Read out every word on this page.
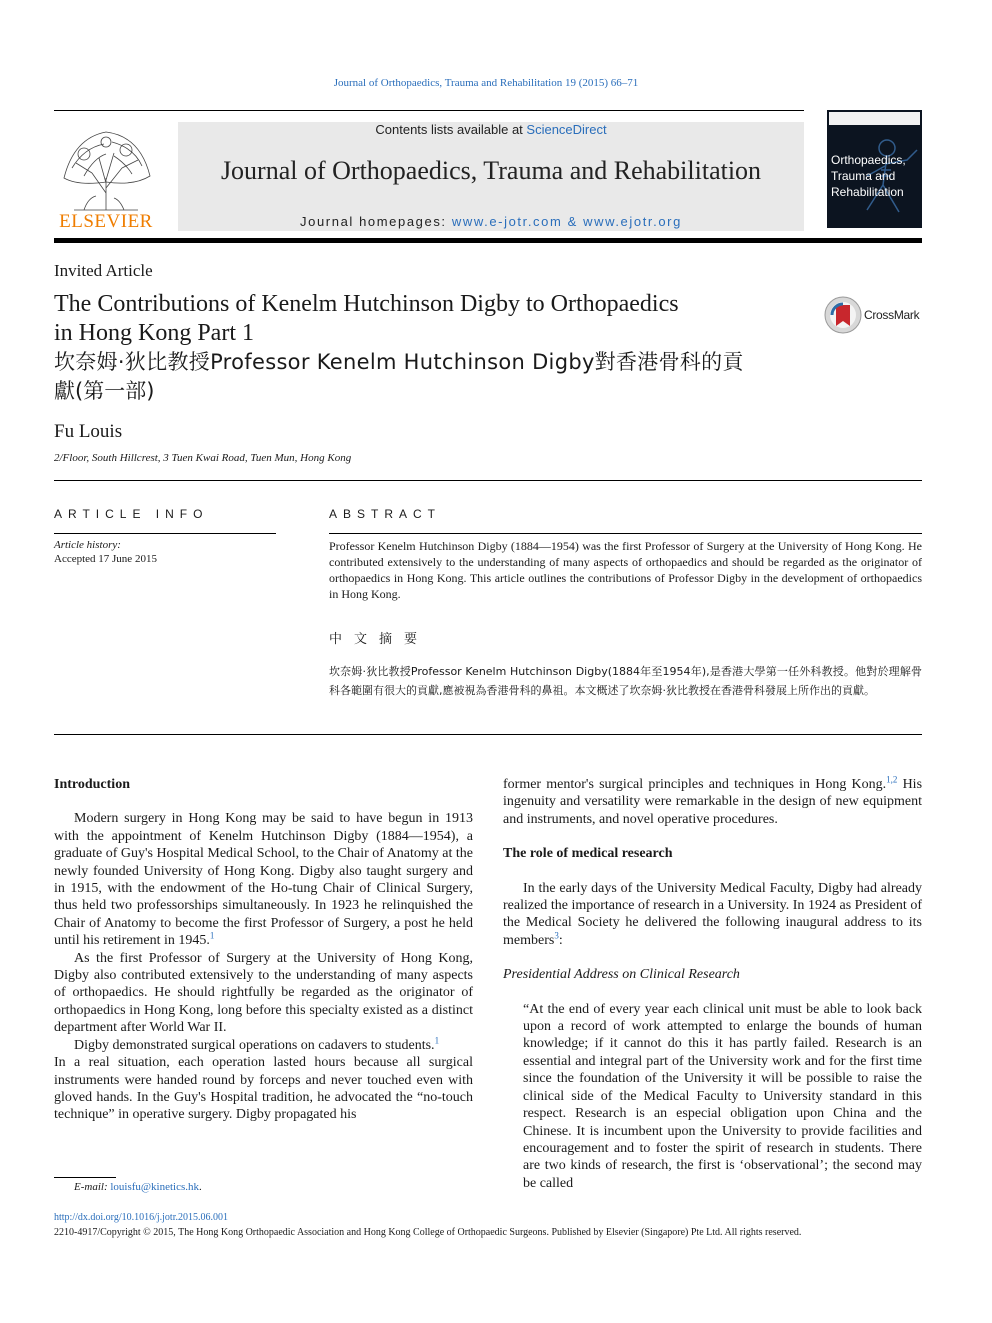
Journal of Orthopaedics, Trauma and Rehabilitation 19 (2015) 66–71
ELSEVIER
Contents lists available at ScienceDirect
Journal of Orthopaedics, Trauma and Rehabilitation
Journal homepages: www.e-jotr.com & www.ejotr.org
Orthopaedics,
Trauma and
Rehabilitation
Invited Article
The Contributions of Kenelm Hutchinson Digby to Orthopaedics
in Hong Kong Part 1
坎奈姆·狄比教授Professor Kenelm Hutchinson Digby對香港骨科的貢
獻(第一部)
CrossMark
Fu Louis
2/Floor, South Hillcrest, 3 Tuen Kwai Road, Tuen Mun, Hong Kong
ARTICLE INFO
Article history:
Accepted 17 June 2015
ABSTRACT
Professor Kenelm Hutchinson Digby (1884—1954) was the first Professor of Surgery at the University of Hong Kong. He contributed extensively to the understanding of many aspects of orthopaedics and should be regarded as the originator of orthopaedics in Hong Kong. This article outlines the contributions of Professor Digby in the development of orthopaedics in Hong Kong.
中文摘要
坎奈姆·狄比教授Professor Kenelm Hutchinson Digby(1884年至1954年),是香港大學第一任外科教授。他對於理解骨科各範圍有很大的貢獻,應被視為香港骨科的鼻祖。本文概述了坎奈姆·狄比教授在香港骨科發展上所作出的貢獻。
Introduction

Modern surgery in Hong Kong may be said to have begun in 1913 with the appointment of Kenelm Hutchinson Digby (1884—1954), a graduate of Guy's Hospital Medical School, to the Chair of Anatomy at the newly founded University of Hong Kong. Digby also taught surgery and in 1915, with the endowment of the Ho-tung Chair of Clinical Surgery, thus held two professorships simultaneously. In 1923 he relinquished the Chair of Anatomy to become the first Professor of Surgery, a post he held until his retirement in 1945.$^1$

As the first Professor of Surgery at the University of Hong Kong, Digby also contributed extensively to the understanding of many aspects of orthopaedics. He should rightfully be regarded as the originator of orthopaedics in Hong Kong, long before this specialty existed as a distinct department after World War II.

Digby demonstrated surgical operations on cadavers to students.$^1$

In a real situation, each operation lasted hours because all surgical instruments were handed round by forceps and never touched even with gloved hands. In the Guy's Hospital tradition, he advocated the “no-touch technique” in operative surgery. Digby propagated his

former mentor's surgical principles and techniques in Hong Kong.$^{1,2}$ His ingenuity and versatility were remarkable in the design of new equipment and instruments, and novel operative procedures.

The role of medical research

In the early days of the University Medical Faculty, Digby had already realized the importance of research in a University. In 1924 as President of the Medical Society he delivered the following inaugural address to its members$^3$:

Presidential Address on Clinical Research

“At the end of every year each clinical unit must be able to look back upon a record of work attempted to enlarge the bounds of human knowledge; if it cannot do this it has partly failed. Research is an essential and integral part of the University work and for the first time since the foundation of the University it will be possible to raise the clinical side of the Medical Faculty to University standard in this respect. Research is an especial obligation upon China and the Chinese. It is incumbent upon the University to provide facilities and encouragement and to foster the spirit of research in students. There are two kinds of research, the first is ‘observational’; the second may be called

E-mail: louisfu@kinetics.hk.
http://dx.doi.org/10.1016/j.jotr.2015.06.001
2210-4917/Copyright © 2015, The Hong Kong Orthopaedic Association and Hong Kong College of Orthopaedic Surgeons. Published by Elsevier (Singapore) Pte Ltd. All rights reserved.
